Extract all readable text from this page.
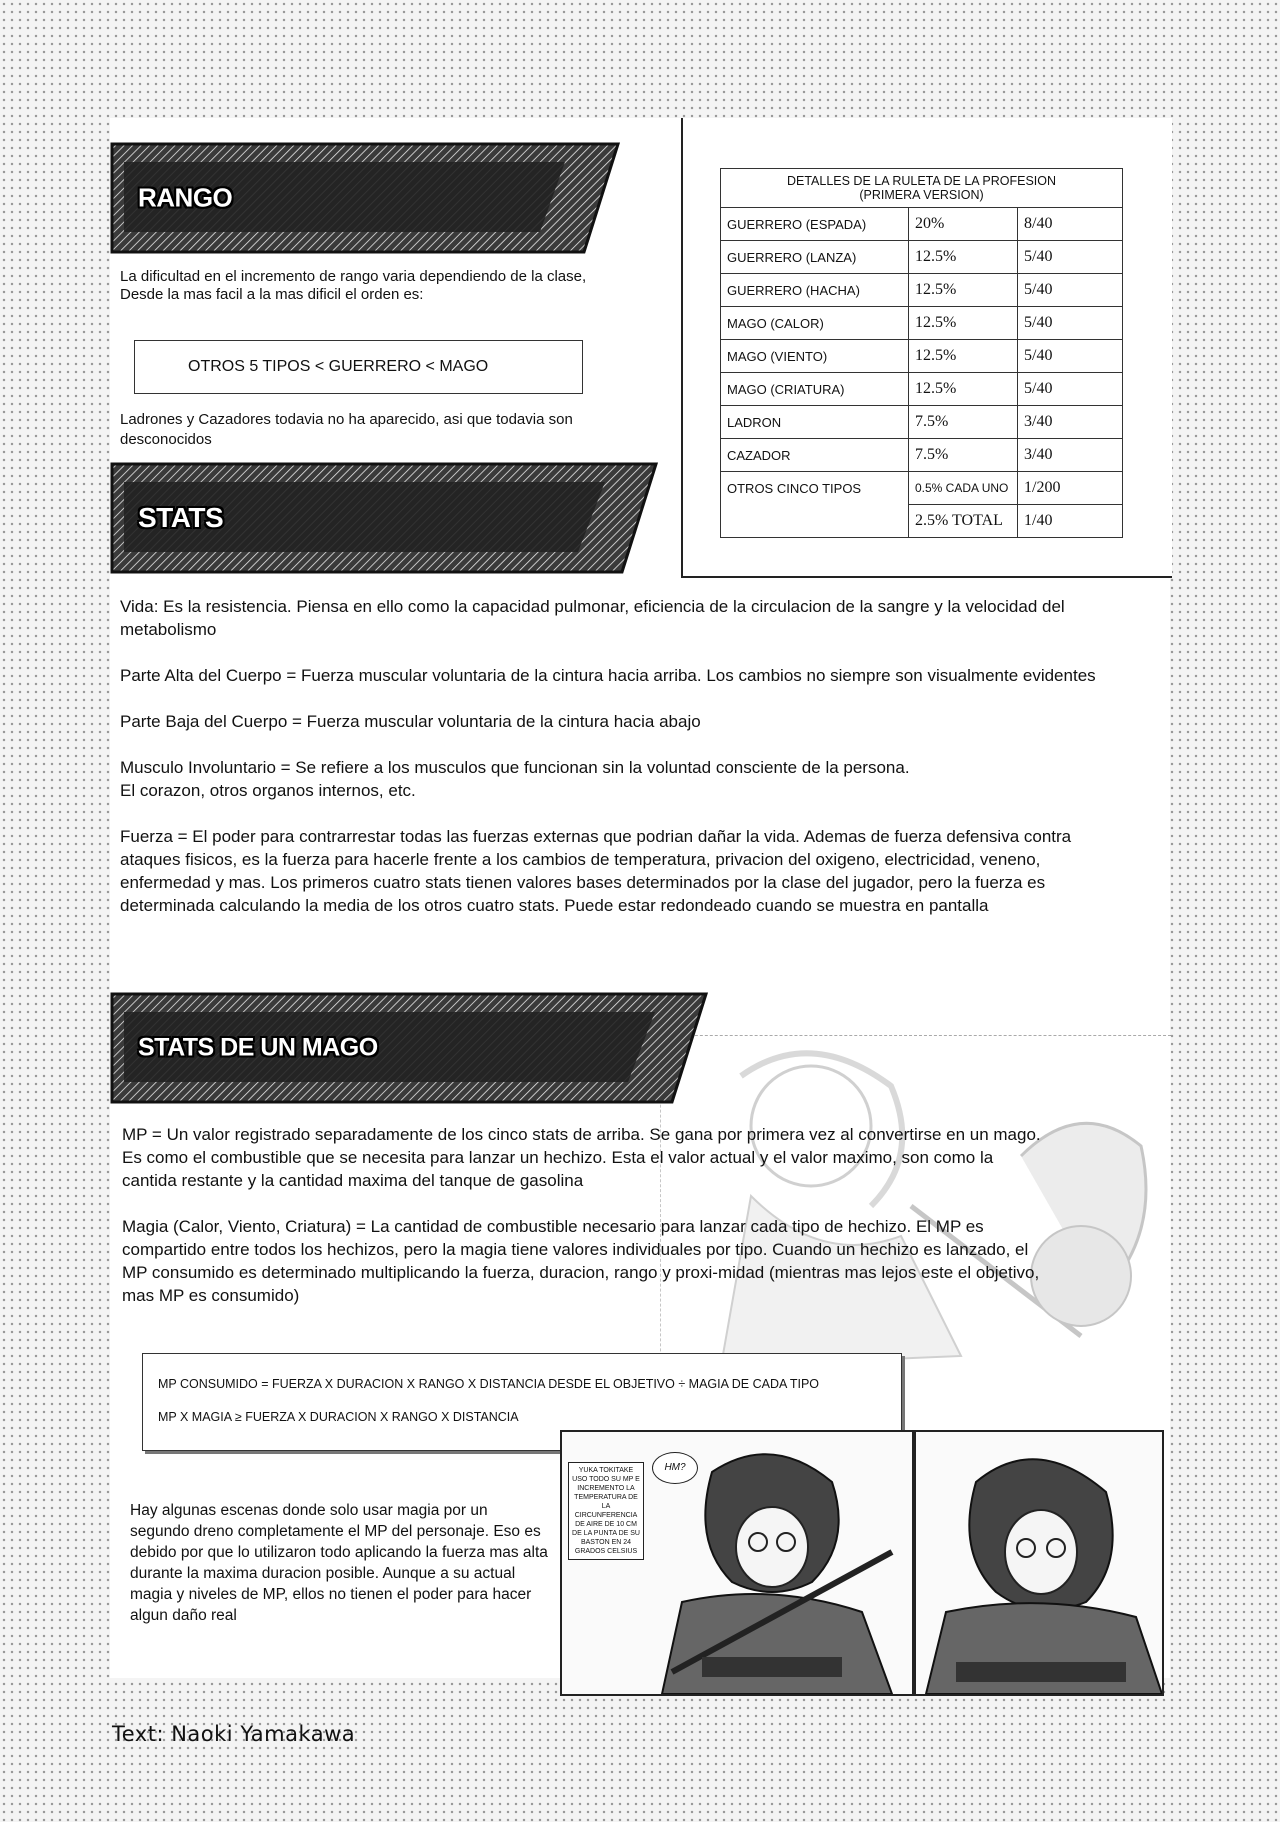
RANGO
La dificultad en el incremento de rango varia dependiendo de la clase,
Desde la mas facil a la mas dificil el orden es:
OTROS 5 TIPOS < GUERRERO < MAGO
Ladrones y Cazadores todavia no ha aparecido, asi que todavia son desconocidos
STATS
DETALLES DE LA RULETA DE LA PROFESION
(PRIMERA VERSION)		

GUERRERO (ESPADA)	20%	8/40
GUERRERO (LANZA)	12.5%	5/40
GUERRERO (HACHA)	12.5%	5/40
MAGO (CALOR)	12.5%	5/40
MAGO (VIENTO)	12.5%	5/40
MAGO (CRIATURA)	12.5%	5/40
LADRON	7.5%	3/40
CAZADOR	7.5%	3/40
OTROS CINCO TIPOS	0.5% CADA UNO	1/200
	2.5% TOTAL	1/40

Vida: Es la resistencia. Piensa en ello como la capacidad pulmonar, eficiencia de la circulacion de la sangre y la velocidad del metabolismo

Parte Alta del Cuerpo = Fuerza muscular voluntaria de la cintura hacia arriba. Los cambios no siempre son visualmente evidentes

Parte Baja del Cuerpo = Fuerza muscular voluntaria de la cintura hacia abajo

Musculo Involuntario = Se refiere a los musculos que funcionan sin la voluntad consciente de la persona.

El corazon, otros organos internos, etc.

Fuerza = El poder para contrarrestar todas las fuerzas externas que podrian dañar la vida. Ademas de fuerza defensiva contra ataques fisicos, es la fuerza para hacerle frente a los cambios de temperatura, privacion del oxigeno, electricidad, veneno, enfermedad y mas. Los primeros cuatro stats tienen valores bases determinados por la clase del jugador, pero la fuerza es determinada calculando la media de los otros cuatro stats. Puede estar redondeado cuando se muestra en pantalla

STATS DE UN MAGO

MP = Un valor registrado separadamente de los cinco stats de arriba. Se gana por primera vez al convertirse en un mago. Es como el combustible que se necesita para lanzar un hechizo. Esta el valor actual y el valor maximo, son como la cantida restante y la cantidad maxima del tanque de gasolina

Magia (Calor, Viento, Criatura) = La cantidad de combustible necesario para lanzar cada tipo de hechizo. El MP es compartido entre todos los hechizos, pero la magia tiene valores individuales por tipo. Cuando un hechizo es lanzado, el MP consumido es determinado multiplicando la fuerza, duracion, rango y proxi-midad (mientras mas lejos este el objetivo, mas MP es consumido)

MP CONSUMIDO = FUERZA X DURACION X RANGO X DISTANCIA DESDE EL OBJETIVO ÷ MAGIA DE CADA TIPO
MP X MAGIA ≥ FUERZA X DURACION X RANGO X DISTANCIA
HM?
YUKA TOKITAKE USO TODO SU MP E INCREMENTO LA TEMPERATURA DE LA CIRCUNFERENCIA DE AIRE DE 10 CM DE LA PUNTA DE SU BASTON EN 24 GRADOS CELSIUS
Hay algunas escenas donde solo usar magia por un segundo dreno completamente el MP del personaje. Eso es debido por que lo utilizaron todo aplicando la fuerza mas alta durante la maxima duracion posible. Aunque a su actual magia y niveles de MP, ellos no tienen el poder para hacer algun daño real
Text: Naoki Yamakawa
